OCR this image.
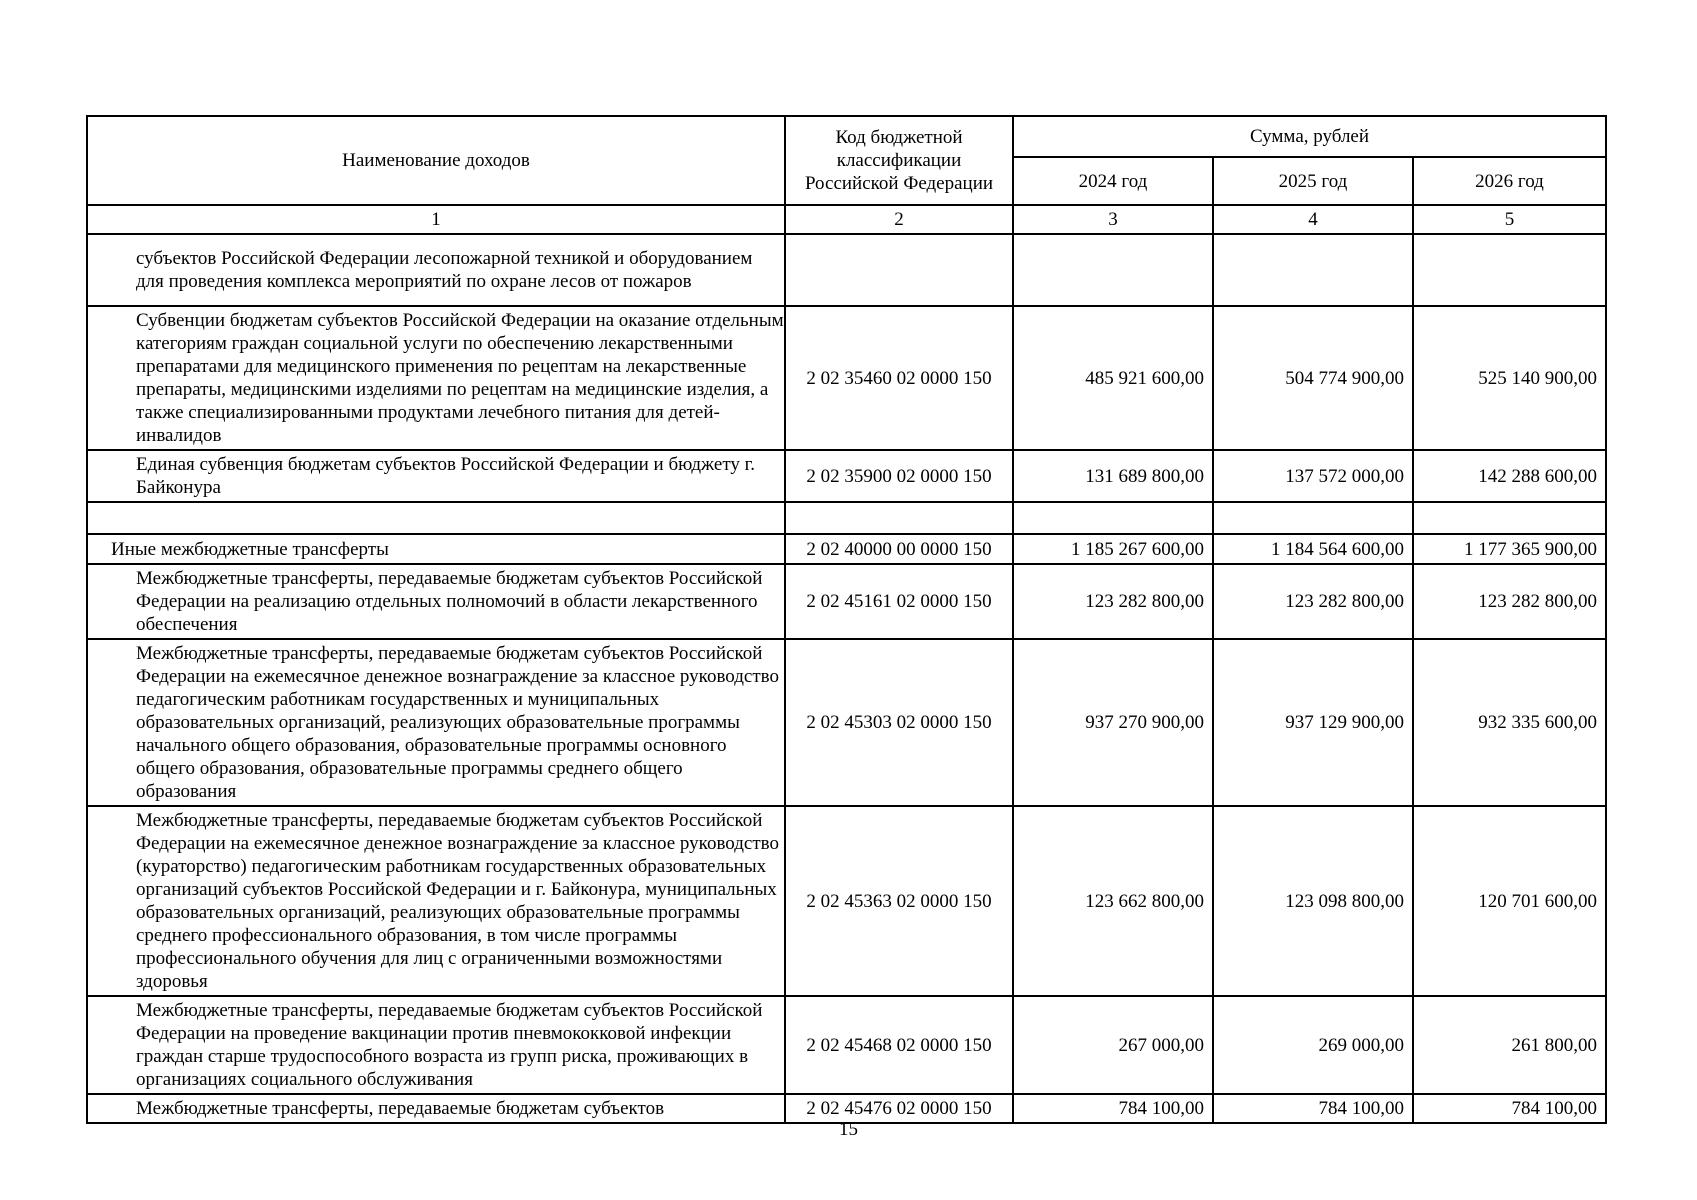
Наименование доходов	Код бюджетной классификации Российской Федерации	Сумма, рублей		
		2024 год	2025 год	2026 год
1	2	3	4	5
субъектов Российской Федерации лесопожарной техникой и оборудованием для проведения комплекса мероприятий по охране лесов от пожаров				
Субвенции бюджетам субъектов Российской Федерации на оказание отдельным категориям граждан социальной услуги по обеспечению лекарственными препаратами для медицинского применения по рецептам на лекарственные препараты, медицинскими изделиями по рецептам на медицинские изделия, а также специализированными продуктами лечебного питания для детей-инвалидов	2 02 35460 02 0000 150	485 921 600,00	504 774 900,00	525 140 900,00
Единая субвенция бюджетам субъектов Российской Федерации и бюджету г. Байконура	2 02 35900 02 0000 150	131 689 800,00	137 572 000,00	142 288 600,00

Иные межбюджетные трансферты	2 02 40000 00 0000 150	1 185 267 600,00	1 184 564 600,00	1 177 365 900,00
Межбюджетные трансферты, передаваемые бюджетам субъектов Российской Федерации на реализацию отдельных полномочий в области лекарственного обеспечения	2 02 45161 02 0000 150	123 282 800,00	123 282 800,00	123 282 800,00
Межбюджетные трансферты, передаваемые бюджетам субъектов Российской Федерации на ежемесячное денежное вознаграждение за классное руководство педагогическим работникам государственных и муниципальных образовательных организаций, реализующих образовательные программы начального общего образования, образовательные программы основного общего образования, образовательные программы среднего общего образования	2 02 45303 02 0000 150	937 270 900,00	937 129 900,00	932 335 600,00
Межбюджетные трансферты, передаваемые бюджетам субъектов Российской Федерации на ежемесячное денежное вознаграждение за классное руководство (кураторство) педагогическим работникам государственных образовательных организаций субъектов Российской Федерации и г. Байконура, муниципальных образовательных организаций, реализующих образовательные программы среднего профессионального образования, в том числе программы профессионального обучения для лиц с ограниченными возможностями здоровья	2 02 45363 02 0000 150	123 662 800,00	123 098 800,00	120 701 600,00
Межбюджетные трансферты, передаваемые бюджетам субъектов Российской Федерации на проведение вакцинации против пневмококковой инфекции граждан старше трудоспособного возраста из групп риска, проживающих в организациях социального обслуживания	2 02 45468 02 0000 150	267 000,00	269 000,00	261 800,00
Межбюджетные трансферты, передаваемые бюджетам субъектов	2 02 45476 02 0000 150	784 100,00	784 100,00	784 100,00
15
